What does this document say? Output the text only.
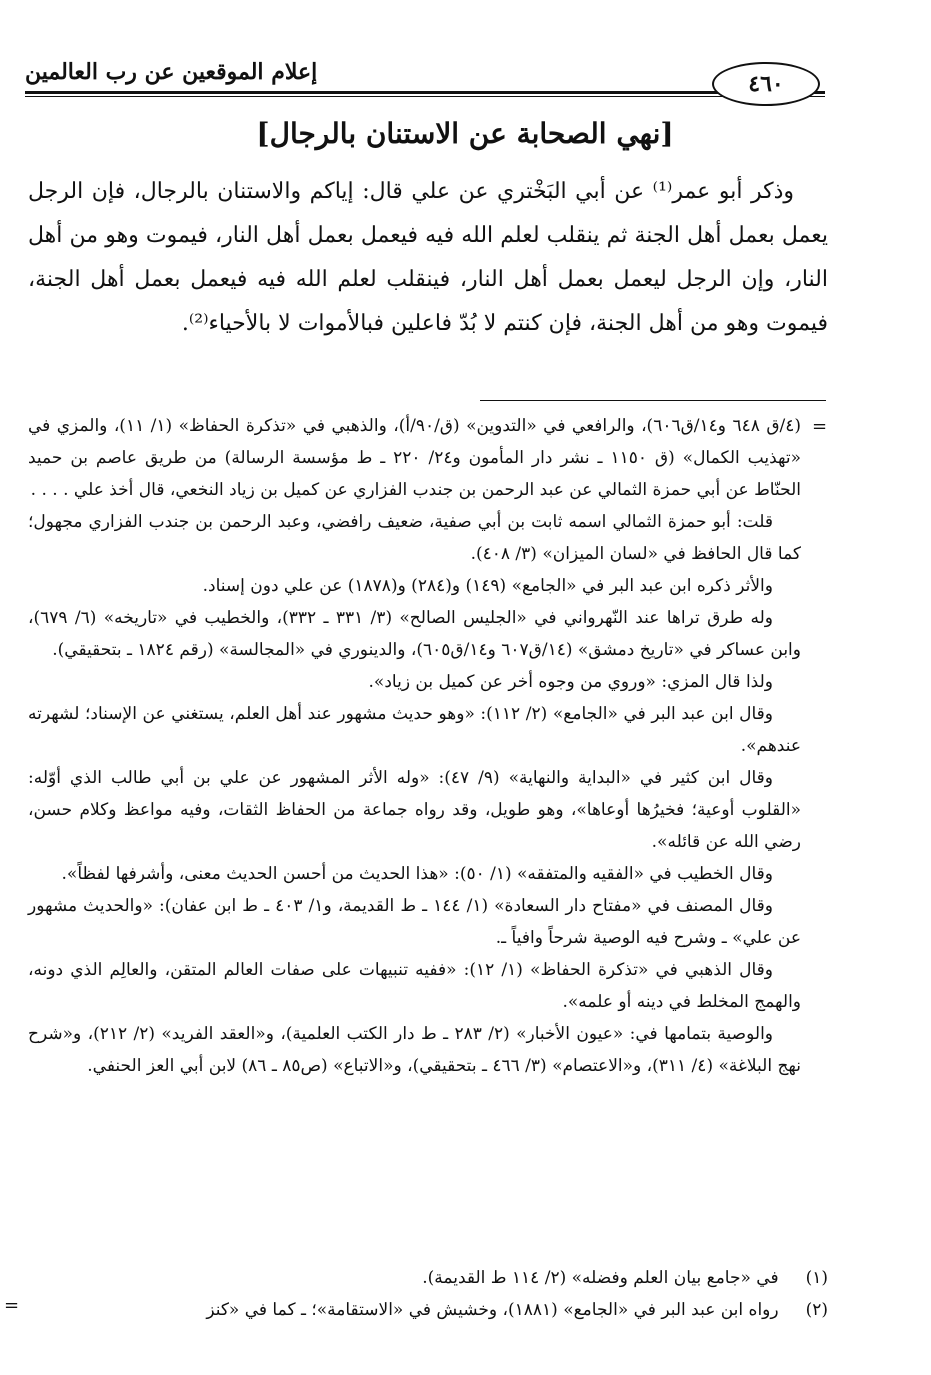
إعلام الموقعين عن رب العالمين	٤٦٠
[نهي الصحابة عن الاستنان بالرجال]

وذكر أبو عمر⁽¹⁾ عن أبي البَخْتري عن علي قال: إياكم والاستنان بالرجال، فإن الرجل يعمل بعمل أهل الجنة ثم ينقلب لعلم الله فيه فيعمل بعمل أهل النار، فيموت وهو من أهل النار، وإن الرجل ليعمل بعمل أهل النار، فينقلب لعلم الله فيه فيعمل بعمل أهل الجنة، فيموت وهو من أهل الجنة، فإن كنتم لا بُدّ فاعلين فبالأموات لا بالأحياء⁽²⁾.

=

(٤/ق ٦٤٨ و١٤/ق٦٠٦)، والرافعي في «التدوين» (ق/٩٠/أ)، والذهبي في «تذكرة الحفاظ» (١/ ١١)، والمزي في «تهذيب الكمال» (ق ١١٥٠ ـ نشر دار المأمون و٢٤/ ٢٢٠ ـ ط مؤسسة الرسالة) من طريق عاصم بن حميد الحنّاط عن أبي حمزة الثمالي عن عبد الرحمن بن جندب الفزاري عن كميل بن زياد النخعي، قال أخذ علي . . . .

قلت: أبو حمزة الثمالي اسمه ثابت بن أبي صفية، ضعيف رافضي، وعبد الرحمن بن جندب الفزاري مجهول؛ كما قال الحافظ في «لسان الميزان» (٣/ ٤٠٨).

والأثر ذكره ابن عبد البر في «الجامع» (١٤٩) و(٢٨٤) و(١٨٧٨) عن علي دون إسناد.

وله طرق تراها عند النّهرواني في «الجليس الصالح» (٣/ ٣٣١ ـ ٣٣٢)، والخطيب في «تاريخه» (٦/ ٦٧٩)، وابن عساكر في «تاريخ دمشق» (١٤/ق٦٠٧ و١٤/ق٦٠٥)، والدينوري في «المجالسة» (رقم ١٨٢٤ ـ بتحقيقي).

ولذا قال المزي: «وروي من وجوه أخر عن كميل بن زياد».

وقال ابن عبد البر في «الجامع» (٢/ ١١٢): «وهو حديث مشهور عند أهل العلم، يستغني عن الإسناد؛ لشهرته عندهم».

وقال ابن كثير في «البداية والنهاية» (٩/ ٤٧): «وله الأثر المشهور عن علي بن أبي طالب الذي أوّله: «القلوب أوعية؛ فخيرُها أوعاها»، وهو طويل، وقد رواه جماعة من الحفاظ الثقات، وفيه مواعظ وكلام حسن، رضي الله عن قائله».

وقال الخطيب في «الفقيه والمتفقه» (١/ ٥٠): «هذا الحديث من أحسن الحديث معنى، وأشرفها لفظاً».

وقال المصنف في «مفتاح دار السعادة» (١/ ١٤٤ ـ ط القديمة، و١/ ٤٠٣ ـ ط ابن عفان): «والحديث مشهور عن علي» ـ وشرح فيه الوصية شرحاً وافياً ـ.

وقال الذهبي في «تذكرة الحفاظ» (١/ ١٢): «ففيه تنبيهات على صفات العالم المتقن، والعالِم الذي دونه، والهمج المخلط في دينه أو علمه».

والوصية بتمامها في: «عيون الأخبار» (٢/ ٢٨٣ ـ ط دار الكتب العلمية)، و«العقد الفريد» (٢/ ٢١٢)، و«شرح نهج البلاغة» (٤/ ٣١١)، و«الاعتصام» (٣/ ٤٦٦ ـ بتحقيقي)، و«الاتباع» (ص٨٥ ـ ٨٦) لابن أبي العز الحنفي.

(١) في «جامع بيان العلم وفضله» (٢/ ١١٤ ط القديمة).
(٢) رواه ابن عبد البر في «الجامع» (١٨٨١)، وخشيش في «الاستقامة»؛ ـ كما في «كنز
=
